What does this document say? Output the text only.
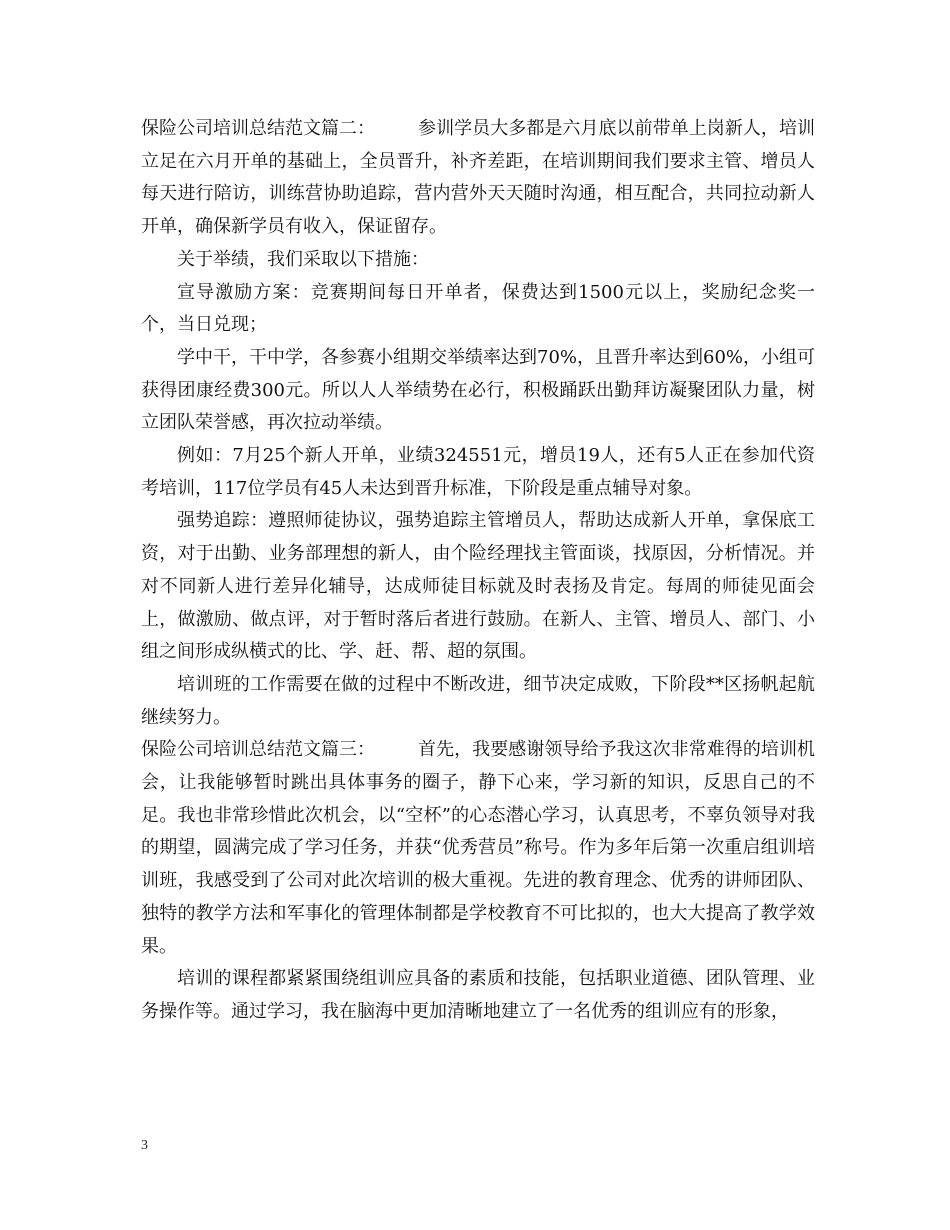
保险公司培训总结范文篇二： 参训学员大多都是六月底以前带单上岗新人，培训立足在六月开单的基础上，全员晋升，补齐差距，在培训期间我们要求主管、增员人每天进行陪访，训练营协助追踪，营内营外天天随时沟通，相互配合，共同拉动新人开单，确保新学员有收入，保证留存。

关于举绩，我们采取以下措施：

宣导激励方案：竞赛期间每日开单者，保费达到1500元以上，奖励纪念奖一个，当日兑现；

学中干，干中学，各参赛小组期交举绩率达到70%，且晋升率达到60%，小组可获得团康经费300元。所以人人举绩势在必行，积极踊跃出勤拜访凝聚团队力量，树立团队荣誉感，再次拉动举绩。

例如：7月25个新人开单，业绩324551元，增员19人，还有5人正在参加代资考培训，117位学员有45人未达到晋升标准，下阶段是重点辅导对象。

强势追踪：遵照师徒协议，强势追踪主管增员人，帮助达成新人开单，拿保底工资，对于出勤、业务部理想的新人，由个险经理找主管面谈，找原因，分析情况。并对不同新人进行差异化辅导，达成师徒目标就及时表扬及肯定。每周的师徒见面会上，做激励、做点评，对于暂时落后者进行鼓励。在新人、主管、增员人、部门、小组之间形成纵横式的比、学、赶、帮、超的氛围。

培训班的工作需要在做的过程中不断改进，细节决定成败，下阶段**区扬帆起航继续努力。

保险公司培训总结范文篇三： 首先，我要感谢领导给予我这次非常难得的培训机会，让我能够暂时跳出具体事务的圈子，静下心来，学习新的知识，反思自己的不足。我也非常珍惜此次机会，以“空杯”的心态潜心学习，认真思考，不辜负领导对我的期望，圆满完成了学习任务，并获“优秀营员”称号。作为多年后第一次重启组训培训班，我感受到了公司对此次培训的极大重视。先进的教育理念、优秀的讲师团队、独特的教学方法和军事化的管理体制都是学校教育不可比拟的，也大大提高了教学效果。

培训的课程都紧紧围绕组训应具备的素质和技能，包括职业道德、团队管理、业务操作等。通过学习，我在脑海中更加清晰地建立了一名优秀的组训应有的形象，

3
